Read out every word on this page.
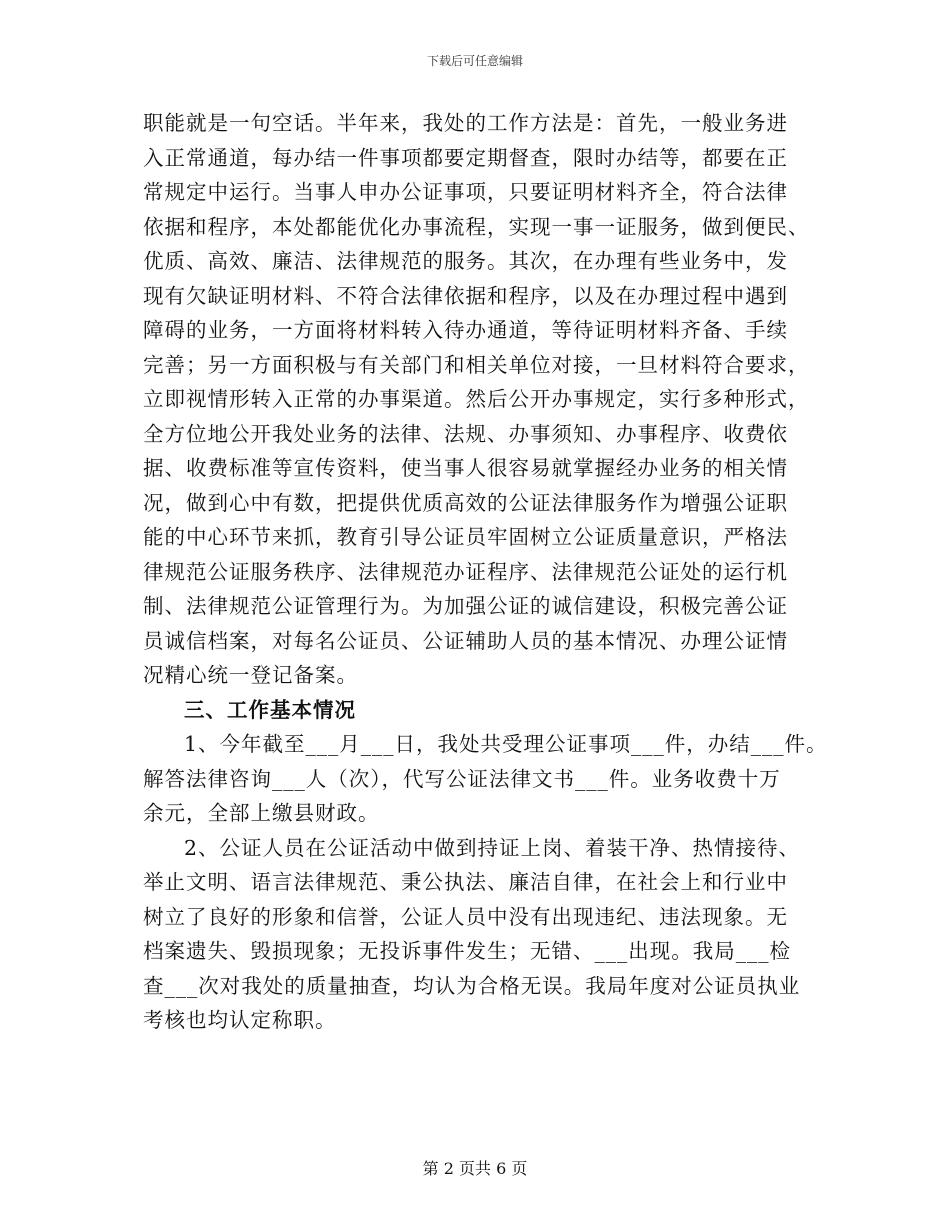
下载后可任意编辑
职能就是一句空话。半年来，我处的工作方法是：首先，一般业务进
入正常通道，每办结一件事项都要定期督查，限时办结等，都要在正
常规定中运行。当事人申办公证事项，只要证明材料齐全，符合法律
依据和程序，本处都能优化办事流程，实现一事一证服务，做到便民、
优质、高效、廉洁、法律规范的服务。其次，在办理有些业务中，发
现有欠缺证明材料、不符合法律依据和程序，以及在办理过程中遇到
障碍的业务，一方面将材料转入待办通道，等待证明材料齐备、手续
完善；另一方面积极与有关部门和相关单位对接，一旦材料符合要求，
立即视情形转入正常的办事渠道。然后公开办事规定，实行多种形式，
全方位地公开我处业务的法律、法规、办事须知、办事程序、收费依
据、收费标准等宣传资料，使当事人很容易就掌握经办业务的相关情
况，做到心中有数，把提供优质高效的公证法律服务作为增强公证职
能的中心环节来抓，教育引导公证员牢固树立公证质量意识，严格法
律规范公证服务秩序、法律规范办证程序、法律规范公证处的运行机
制、法律规范公证管理行为。为加强公证的诚信建设，积极完善公证
员诚信档案，对每名公证员、公证辅助人员的基本情况、办理公证情
况精心统一登记备案。
三、工作基本情况
1、今年截至___月___日，我处共受理公证事项___件，办结___件。
解答法律咨询___人（次），代写公证法律文书___件。业务收费十万
余元，全部上缴县财政。
2、公证人员在公证活动中做到持证上岗、着装干净、热情接待、
举止文明、语言法律规范、秉公执法、廉洁自律，在社会上和行业中
树立了良好的形象和信誉，公证人员中没有出现违纪、违法现象。无
档案遗失、毁损现象；无投诉事件发生；无错、___出现。我局___检
查___次对我处的质量抽查，均认为合格无误。我局年度对公证员执业
考核也均认定称职。
第 2 页共 6 页
